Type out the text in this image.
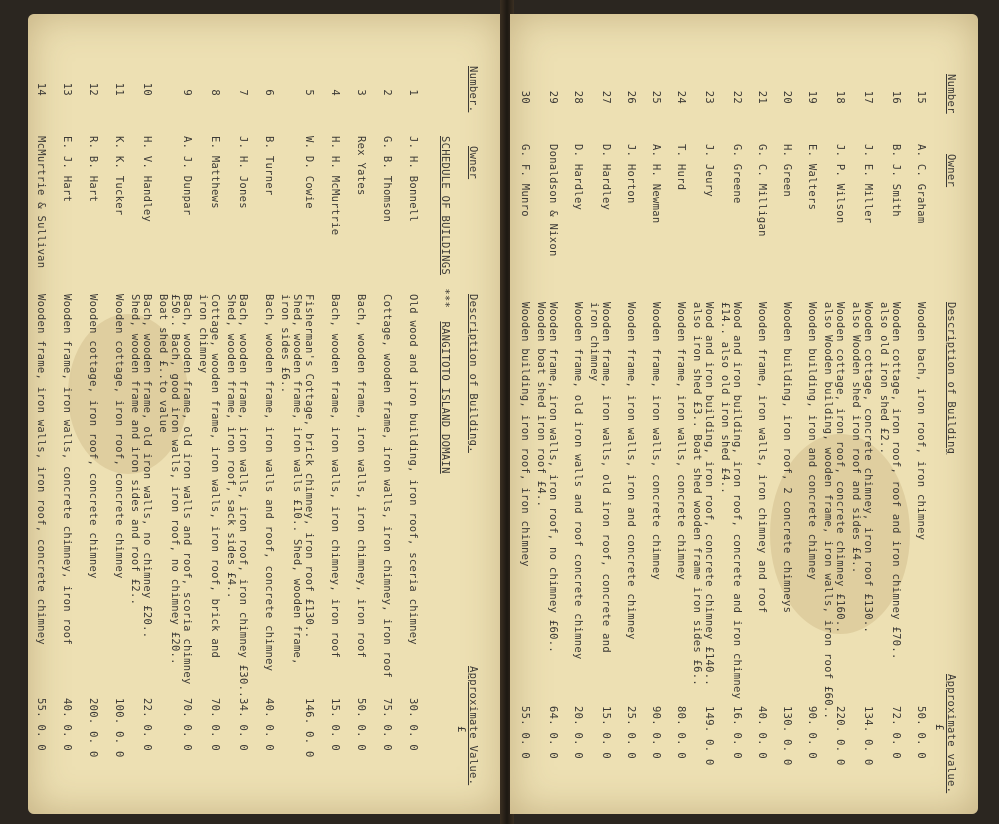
SCHEDULE OF BUILDINGS  ***  RANGITOTO ISLAND DOMAIN
Number.
Owner
Description of Building.
Approximate Value.
£
1
J. H. Bonnell
Old wood and iron building, iron roof, sceria chimney
30. 0. 0
2
G. B. Thomson
Cottage, wooden frame, iron walls, iron chimney, iron roof
75. 0. 0
3
Rex Yates
Bach, wooden frame, iron walls, iron chimney, iron roof
50. 0. 0
4
H. H. McMurtrie
Bach, wooden frame, iron walls, iron chimney, iron roof
15. 0. 0
5
W. D. Cowie
Fisherman's Cottage, brick chimney, iron roof £130..
146. 0. 0
Shed, wooden frame, iron walls £10.. Shed, wooden frame,
iron sides £6..
6
B. Turner
Bach, wooden frame, iron walls and roof, concrete chimney
40. 0. 0
7
J. H. Jones
Bach, wooden frame, iron walls, iron roof, iron chimney £30..
34. 0. 0
Shed, wooden frame, iron roof, sack sides £4..
8
E. Matthews
Cottage, wooden frame, iron walls, iron roof, brick and
70. 0. 0
iron chimney
9
A. J. Dunpar
Bach, wooden frame, old iron walls and roof, scoria chimney
70. 0. 0
£50.. Bach, good iron walls, iron roof, no chimney £20..
Boat shed £..to value
10
H. V. Handley
Bach, wooden frame, old iron walls, no chimney £20..
22. 0. 0
Shed, wooden frame and iron sides and roof £2..
11
K. K. Tucker
Wooden cottage, iron roof, concrete chimney
100. 0. 0
12
R. B. Hart
Wooden cottage, iron roof, concrete chimney
200. 0. 0
13
E. J. Hart
Wooden frame, iron walls, concrete chimney, iron roof
40. 0. 0
14
McMurtrie & Sullivan
Wooden frame, iron walls, iron roof, concrete chimney
55. 0. 0
Number
Owner
Description of Building
Approximate value.
£
15
A. C. Graham
Wooden bach, iron roof, iron chimney
50. 0. 0
16
B. J. Smith
Wooden cottage, iron roof, roof and iron chimney £70..
72. 0. 0
also old iron shed £2..
17
J. E. Miller
Wooden cottage, concrete chimney, iron roof £130..
134. 0. 0
also Wooden shed iron roof and sides £4..
18
J. P. Wilson
Wooden cottage, iron roof, concrete chimney £160..
220. 0. 0
also Wooden building, wooden frame, iron walls, iron roof £60..
19
E. Walters
Wooden building, iron and concrete chimney
90. 0. 0
20
H. Green
Wooden building, iron roof, 2 concrete chimneys
130. 0. 0
21
G. C. Milligan
Wooden frame, iron walls, iron chimney and roof
40. 0. 0
22
G. Greene
Wood and iron building, iron roof, concrete and iron chimney
16. 0. 0
£14.. also old iron shed £4..
23
J. Jeury
Wood and iron building, iron roof, concrete chimney £140..
149. 0. 0
also iron shed £3.. Boat shed wooden frame iron sides £6..
24
T. Hurd
Wooden frame, iron walls, concrete chimney
80. 0. 0
25
A. H. Newman
Wooden frame, iron walls, concrete chimney
90. 0. 0
26
J. Horton
Wooden frame, iron walls, iron and concrete chimney
25. 0. 0
27
D. Hardley
Wooden frame, iron walls, old iron roof, concrete and
15. 0. 0
iron chimney
28
D. Hardley
Wooden frame, old iron walls and roof concrete chimney
20. 0. 0
29
Donaldson & Nixon
Wooden frame, iron walls, iron roof, no chimney £60..
64. 0. 0
Wooden boat shed iron roof £4..
30
G. F. Munro
Wooden building, iron roof, iron chimney
55. 0. 0
